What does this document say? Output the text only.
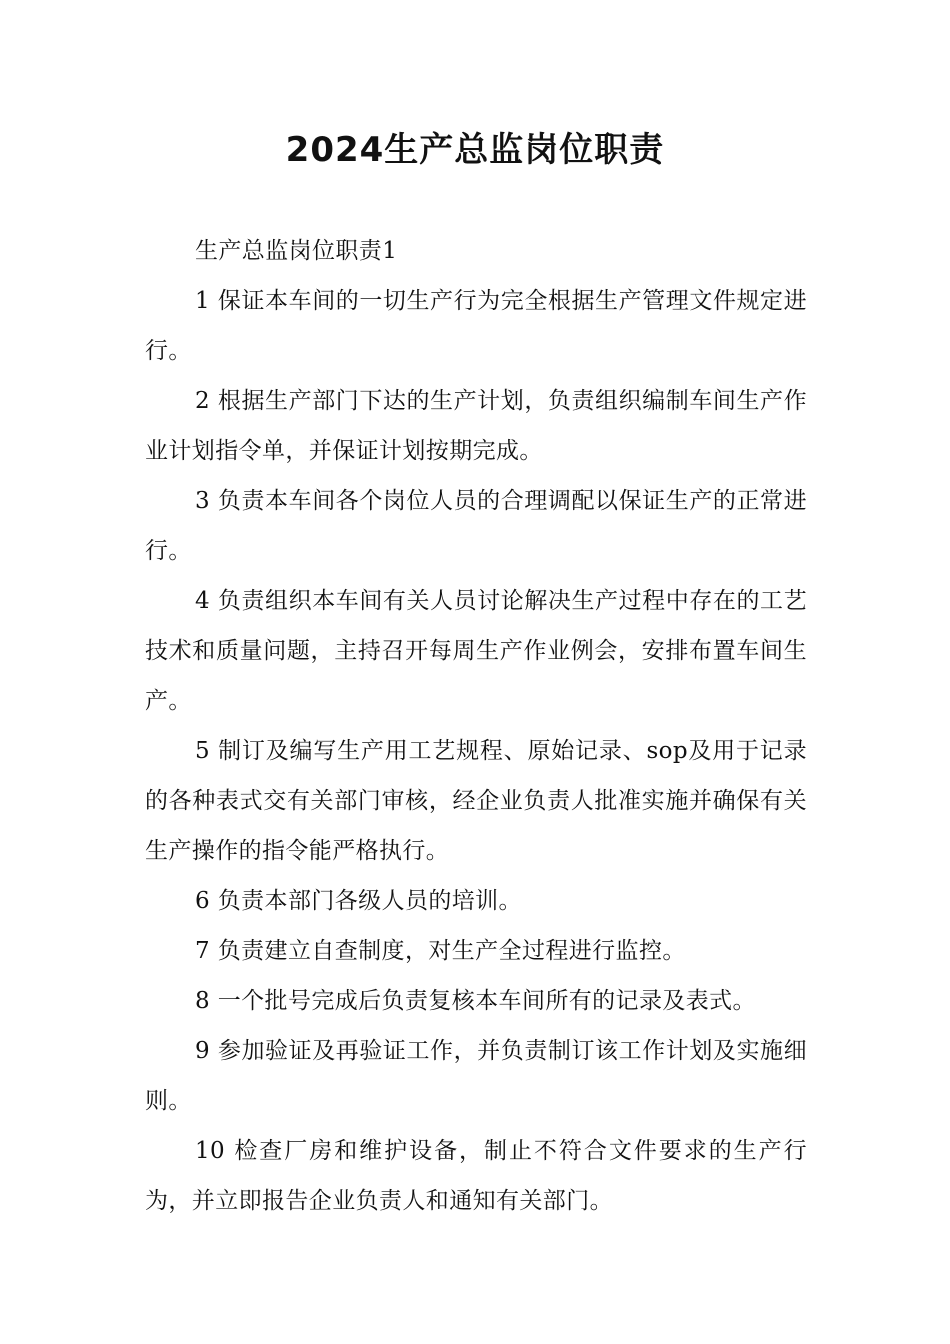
2024生产总监岗位职责

生产总监岗位职责1

1 保证本车间的一切生产行为完全根据生产管理文件规定进行。

2 根据生产部门下达的生产计划，负责组织编制车间生产作业计划指令单，并保证计划按期完成。

3 负责本车间各个岗位人员的合理调配以保证生产的正常进行。

4 负责组织本车间有关人员讨论解决生产过程中存在的工艺技术和质量问题，主持召开每周生产作业例会，安排布置车间生产。

5 制订及编写生产用工艺规程、原始记录、sop及用于记录的各种表式交有关部门审核，经企业负责人批准实施并确保有关生产操作的指令能严格执行。

6 负责本部门各级人员的培训。

7 负责建立自查制度，对生产全过程进行监控。

8 一个批号完成后负责复核本车间所有的记录及表式。

9 参加验证及再验证工作，并负责制订该工作计划及实施细则。

10 检查厂房和维护设备，制止不符合文件要求的生产行为，并立即报告企业负责人和通知有关部门。
